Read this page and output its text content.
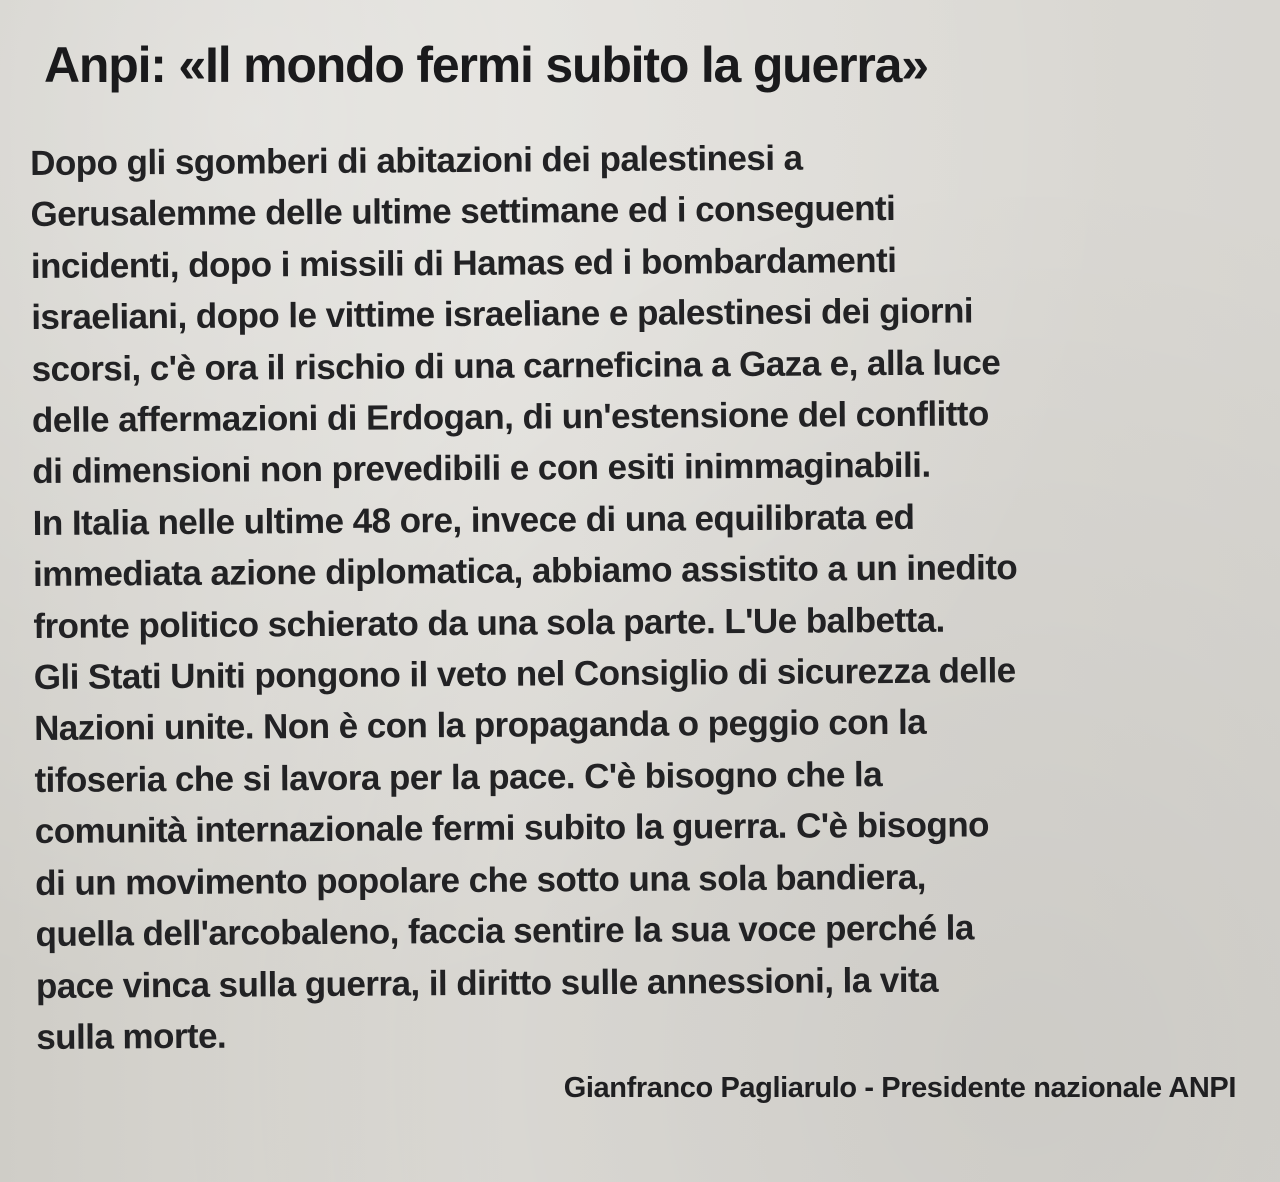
Anpi: «Il mondo fermi subito la guerra»
Dopo gli sgomberi di abitazioni dei palestinesi a
Gerusalemme delle ultime settimane ed i conseguenti
incidenti, dopo i missili di Hamas ed i bombardamenti
israeliani, dopo le vittime israeliane e palestinesi dei giorni
scorsi, c'è ora il rischio di una carneficina a Gaza e, alla luce
delle affermazioni di Erdogan, di un'estensione del conflitto
di dimensioni non prevedibili e con esiti inimmaginabili.
In Italia nelle ultime 48 ore, invece di una equilibrata ed
immediata azione diplomatica, abbiamo assistito a un inedito
fronte politico schierato da una sola parte. L'Ue balbetta.
Gli Stati Uniti pongono il veto nel Consiglio di sicurezza delle
Nazioni unite. Non è con la propaganda o peggio con la
tifoseria che si lavora per la pace. C'è bisogno che la
comunità internazionale fermi subito la guerra. C'è bisogno
di un movimento popolare che sotto una sola bandiera,
quella dell'arcobaleno, faccia sentire la sua voce perché la
pace vinca sulla guerra, il diritto sulle annessioni, la vita
sulla morte.

Gianfranco Pagliarulo - Presidente nazionale ANPI
